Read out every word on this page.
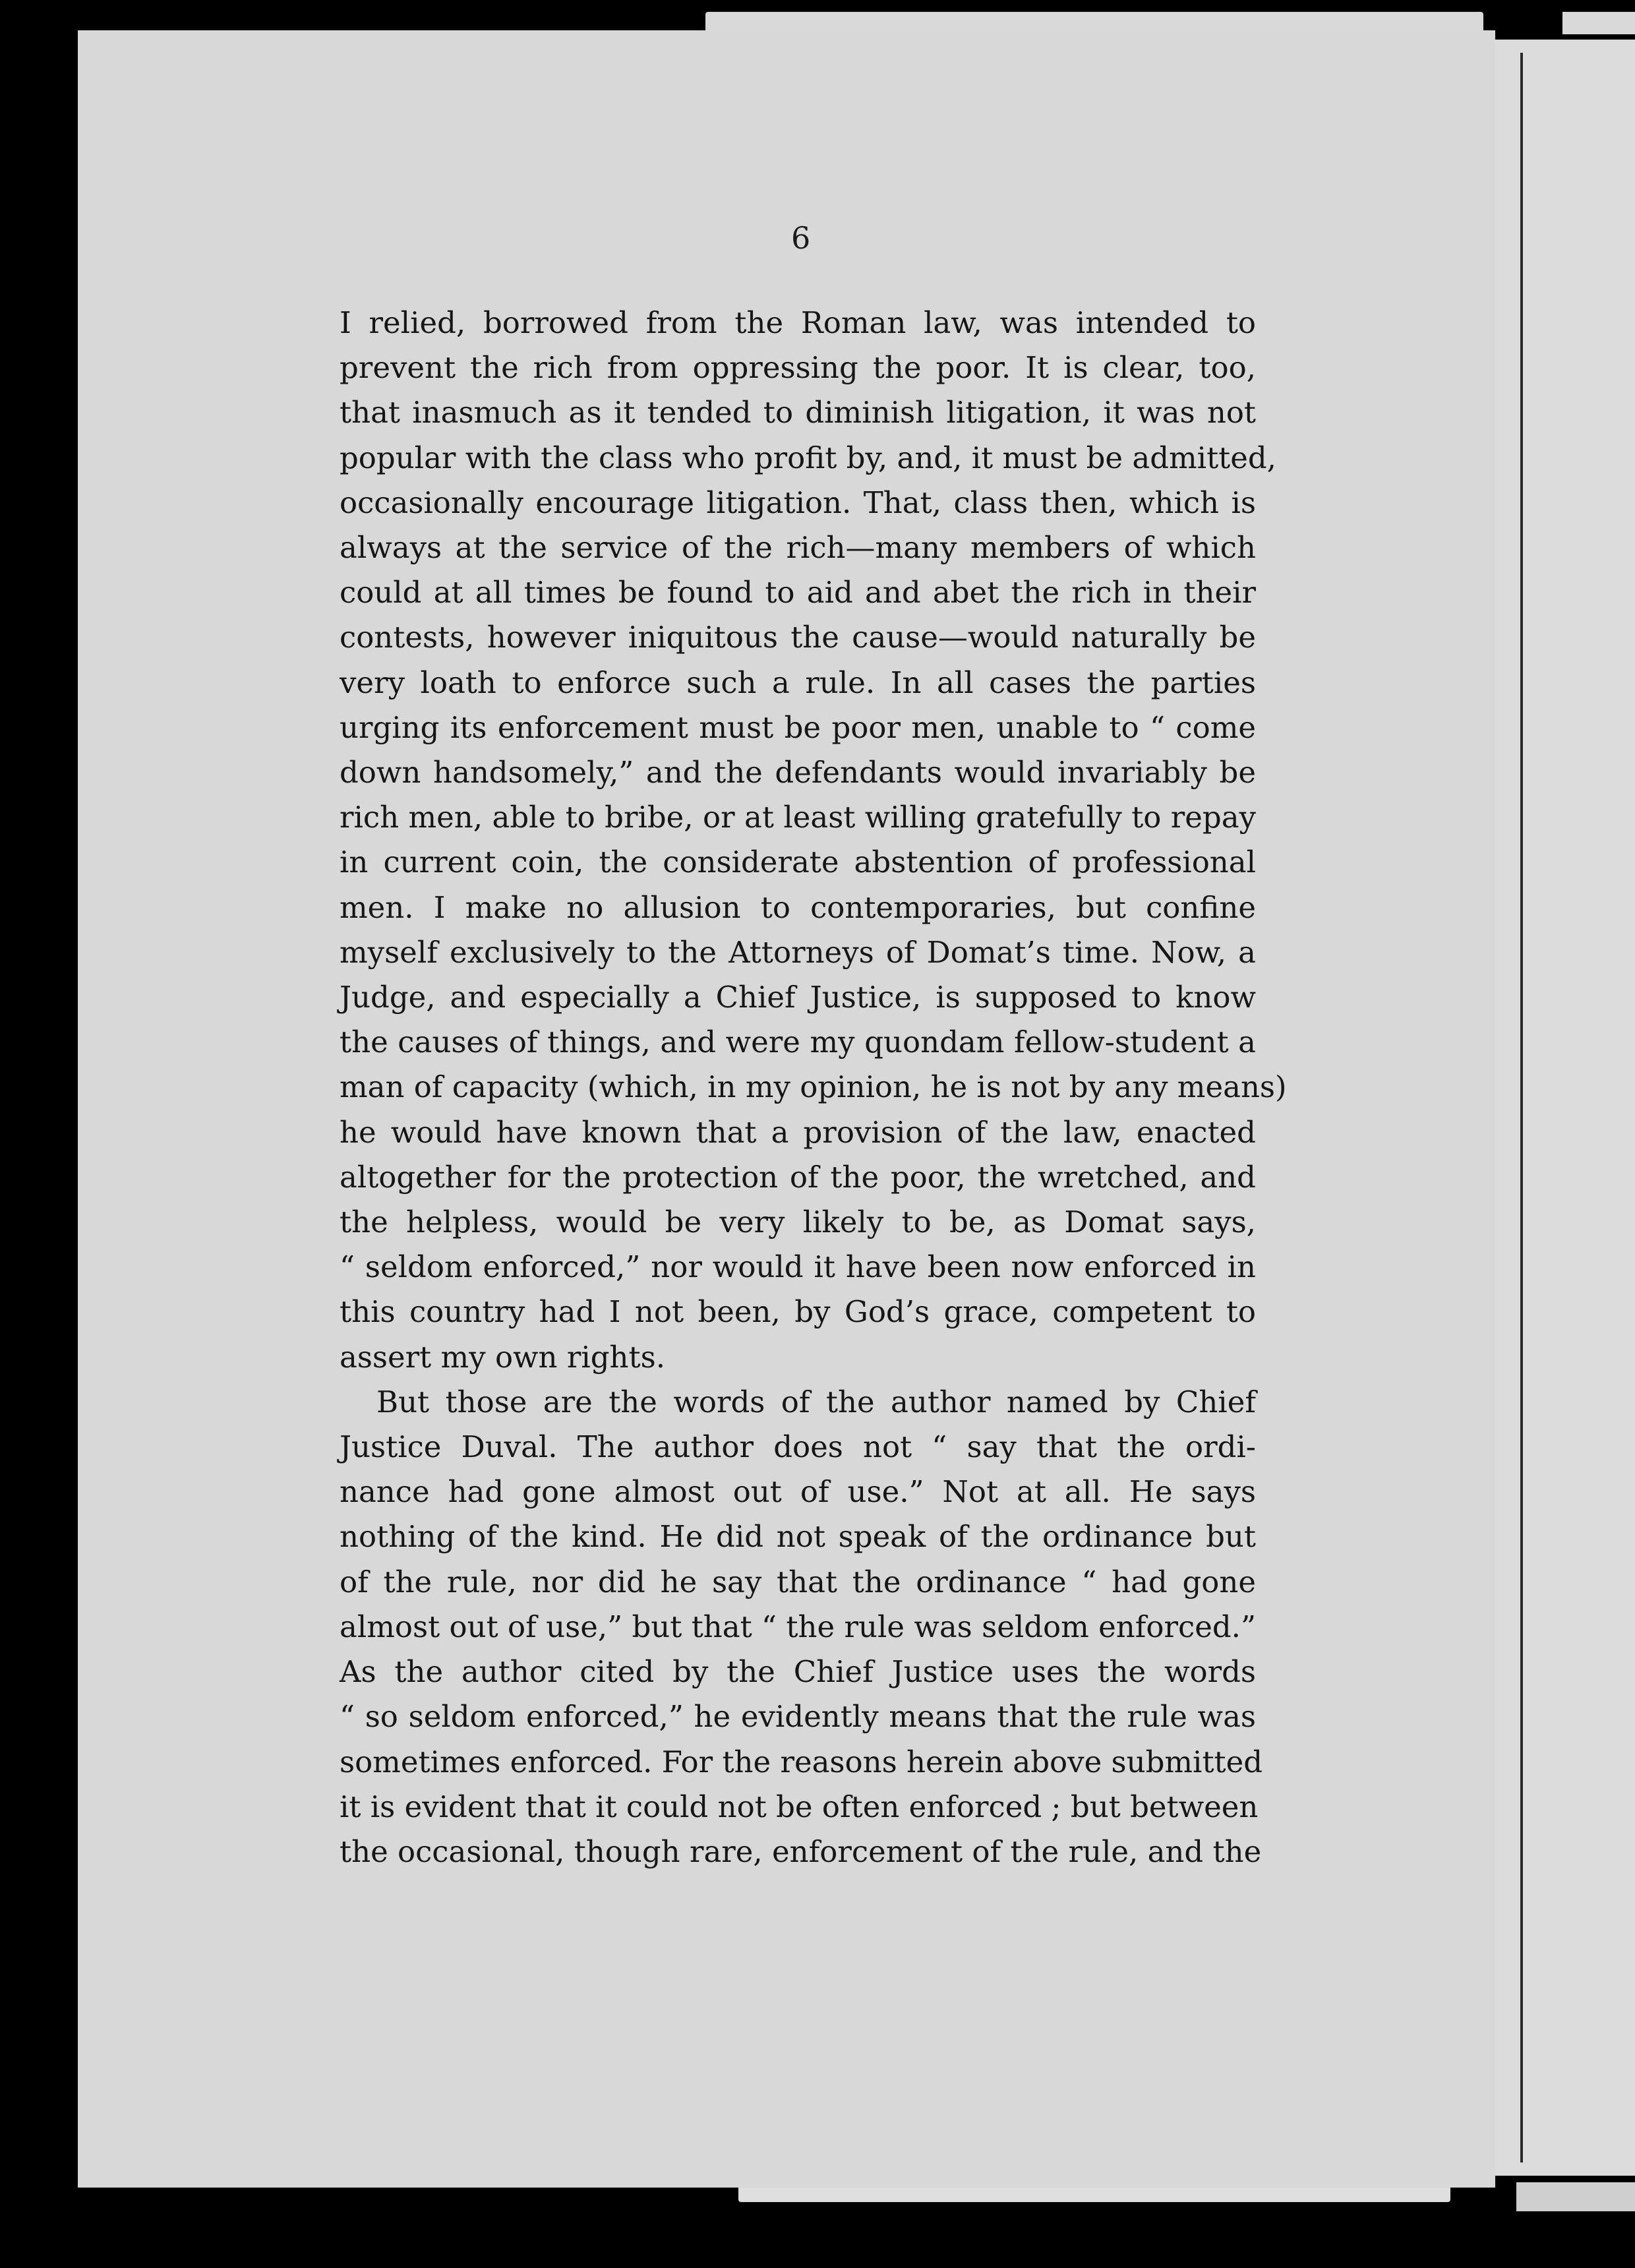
6
I relied, borrowed from the Roman law, was intended to
prevent the rich from oppressing the poor. It is clear, too,
that inasmuch as it tended to diminish litigation, it was not
popular with the class who profit by, and, it must be admitted,
occasionally encourage litigation. That, class then, which is
always at the service of the rich—many members of which
could at all times be found to aid and abet the rich in their
contests, however iniquitous the cause—would naturally be
very loath to enforce such a rule. In all cases the parties
urging its enforcement must be poor men, unable to “ come
down handsomely,” and the defendants would invariably be
rich men, able to bribe, or at least willing gratefully to repay
in current coin, the considerate abstention of professional
men. I make no allusion to contemporaries, but confine
myself exclusively to the Attorneys of Domat’s time. Now, a
Judge, and especially a Chief Justice, is supposed to know
the causes of things, and were my quondam fellow-student a
man of capacity (which, in my opinion, he is not by any means)
he would have known that a provision of the law, enacted
altogether for the protection of the poor, the wretched, and
the helpless, would be very likely to be, as Domat says,
“ seldom enforced,” nor would it have been now enforced in
this country had I not been, by God’s grace, competent to
assert my own rights.
But those are the words of the author named by Chief
Justice Duval. The author does not “ say that the ordi-
nance had gone almost out of use.” Not at all. He says
nothing of the kind. He did not speak of the ordinance but
of the rule, nor did he say that the ordinance “ had gone
almost out of use,” but that “ the rule was seldom enforced.”
As the author cited by the Chief Justice uses the words
“ so seldom enforced,” he evidently means that the rule was
sometimes enforced. For the reasons herein above submitted
it is evident that it could not be often enforced ; but between
the occasional, though rare, enforcement of the rule, and the
